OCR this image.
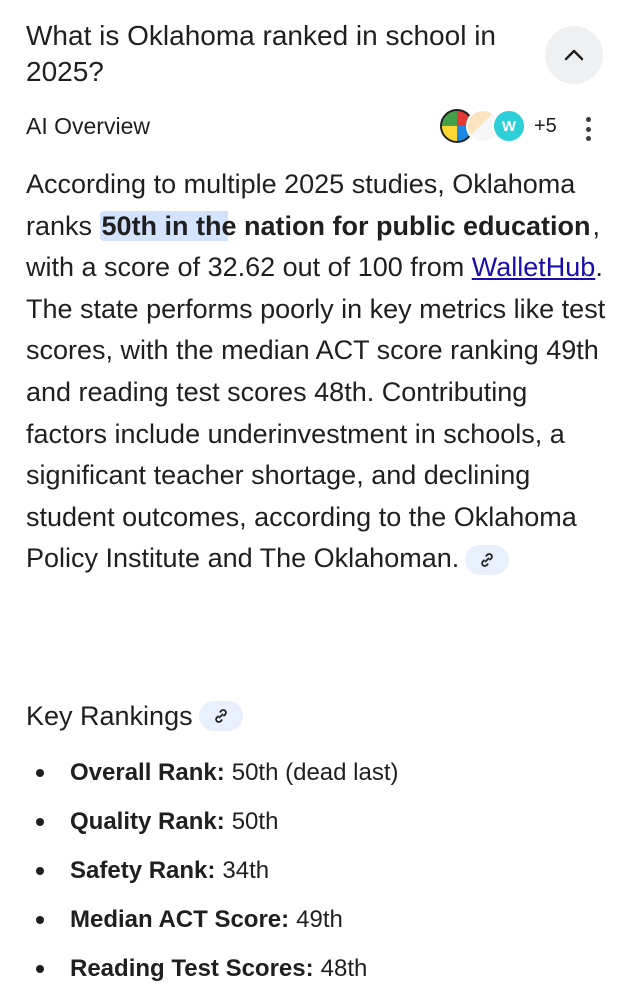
What is Oklahoma ranked in school in 2025?
AI Overview	W +5

According to multiple 2025 studies, Oklahoma ranks 50th in the nation for public education, with a score of 32.62 out of 100 from WalletHub. The state performs poorly in key metrics like test scores, with the median ACT score ranking 49th and reading test scores 48th. Contributing factors include underinvestment in schools, a significant teacher shortage, and declining student outcomes, according to the Oklahoma Policy Institute and The Oklahoman.

Key Rankings
Overall Rank: 50th (dead last)
Quality Rank: 50th
Safety Rank: 34th
Median ACT Score: 49th
Reading Test Scores: 48th
